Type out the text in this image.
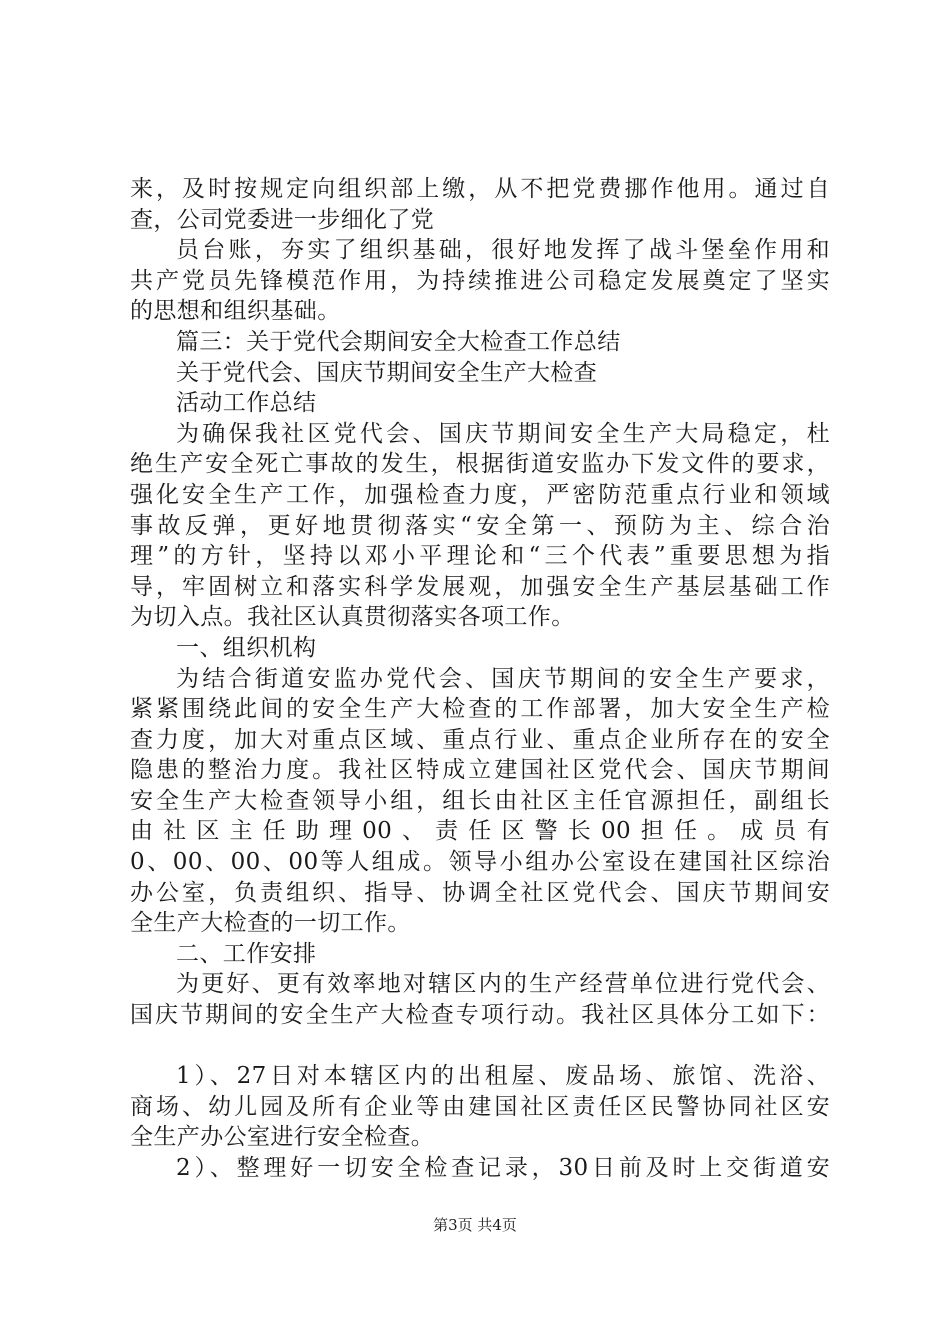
来，及时按规定向组织部上缴，从不把党费挪作他用。通过自
查，公司党委进一步细化了党
员台账，夯实了组织基础，很好地发挥了战斗堡垒作用和
共产党员先锋模范作用，为持续推进公司稳定发展奠定了坚实
的思想和组织基础。
篇三：关于党代会期间安全大检查工作总结
关于党代会、国庆节期间安全生产大检查
活动工作总结
为确保我社区党代会、国庆节期间安全生产大局稳定，杜
绝生产安全死亡事故的发生，根据街道安监办下发文件的要求，
强化安全生产工作，加强检查力度，严密防范重点行业和领域
事故反弹，更好地贯彻落实“安全第一、预防为主、综合治
理”的方针，坚持以邓小平理论和“三个代表”重要思想为指
导，牢固树立和落实科学发展观，加强安全生产基层基础工作
为切入点。我社区认真贯彻落实各项工作。
一、组织机构
为结合街道安监办党代会、国庆节期间的安全生产要求，
紧紧围绕此间的安全生产大检查的工作部署，加大安全生产检
查力度，加大对重点区域、重点行业、重点企业所存在的安全
隐患的整治力度。我社区特成立建国社区党代会、国庆节期间
安全生产大检查领导小组，组长由社区主任官源担任，副组长
由社区主任助理00、责任区警长00担任。成员有
0、00、00、00等人组成。领导小组办公室设在建国社区综治
办公室，负责组织、指导、协调全社区党代会、国庆节期间安
全生产大检查的一切工作。
二、工作安排
为更好、更有效率地对辖区内的生产经营单位进行党代会、
国庆节期间的安全生产大检查专项行动。我社区具体分工如下：
1）、27日对本辖区内的出租屋、废品场、旅馆、洗浴、
商场、幼儿园及所有企业等由建国社区责任区民警协同社区安
全生产办公室进行安全检查。
2）、整理好一切安全检查记录，30日前及时上交街道安
第3页 共4页
